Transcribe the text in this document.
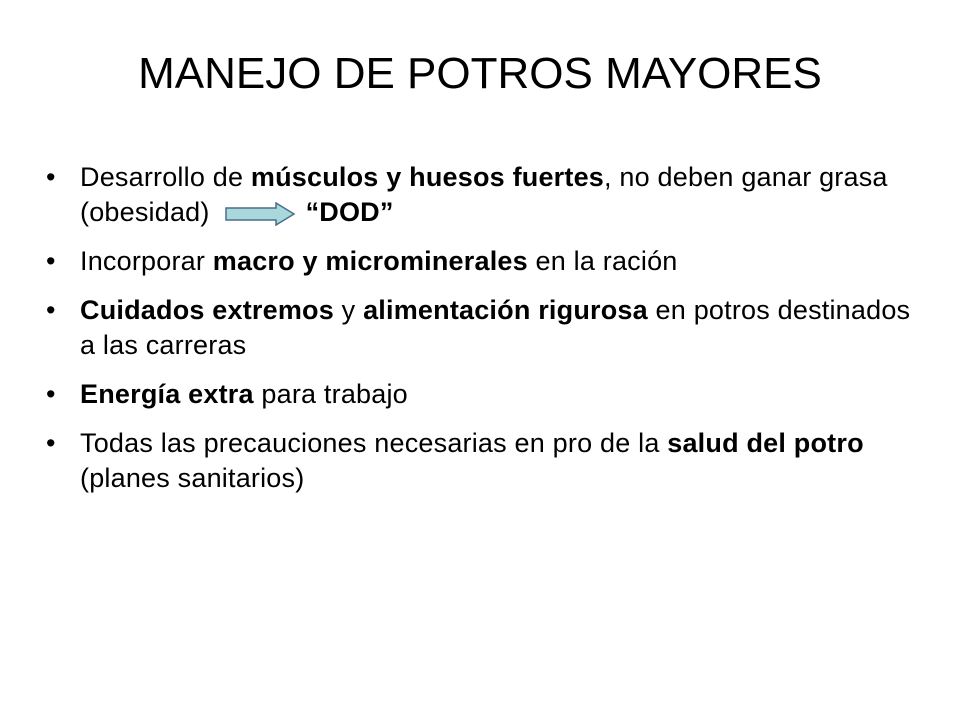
MANEJO DE POTROS MAYORES
• Desarrollo de músculos y huesos fuertes, no deben ganar grasa (obesidad)	“DOD”
• Incorporar macro y microminerales en la ración
• Cuidados extremos y alimentación rigurosa en potros destinados a las carreras
• Energía extra para trabajo
• Todas las precauciones necesarias en pro de la salud del potro (planes sanitarios)
